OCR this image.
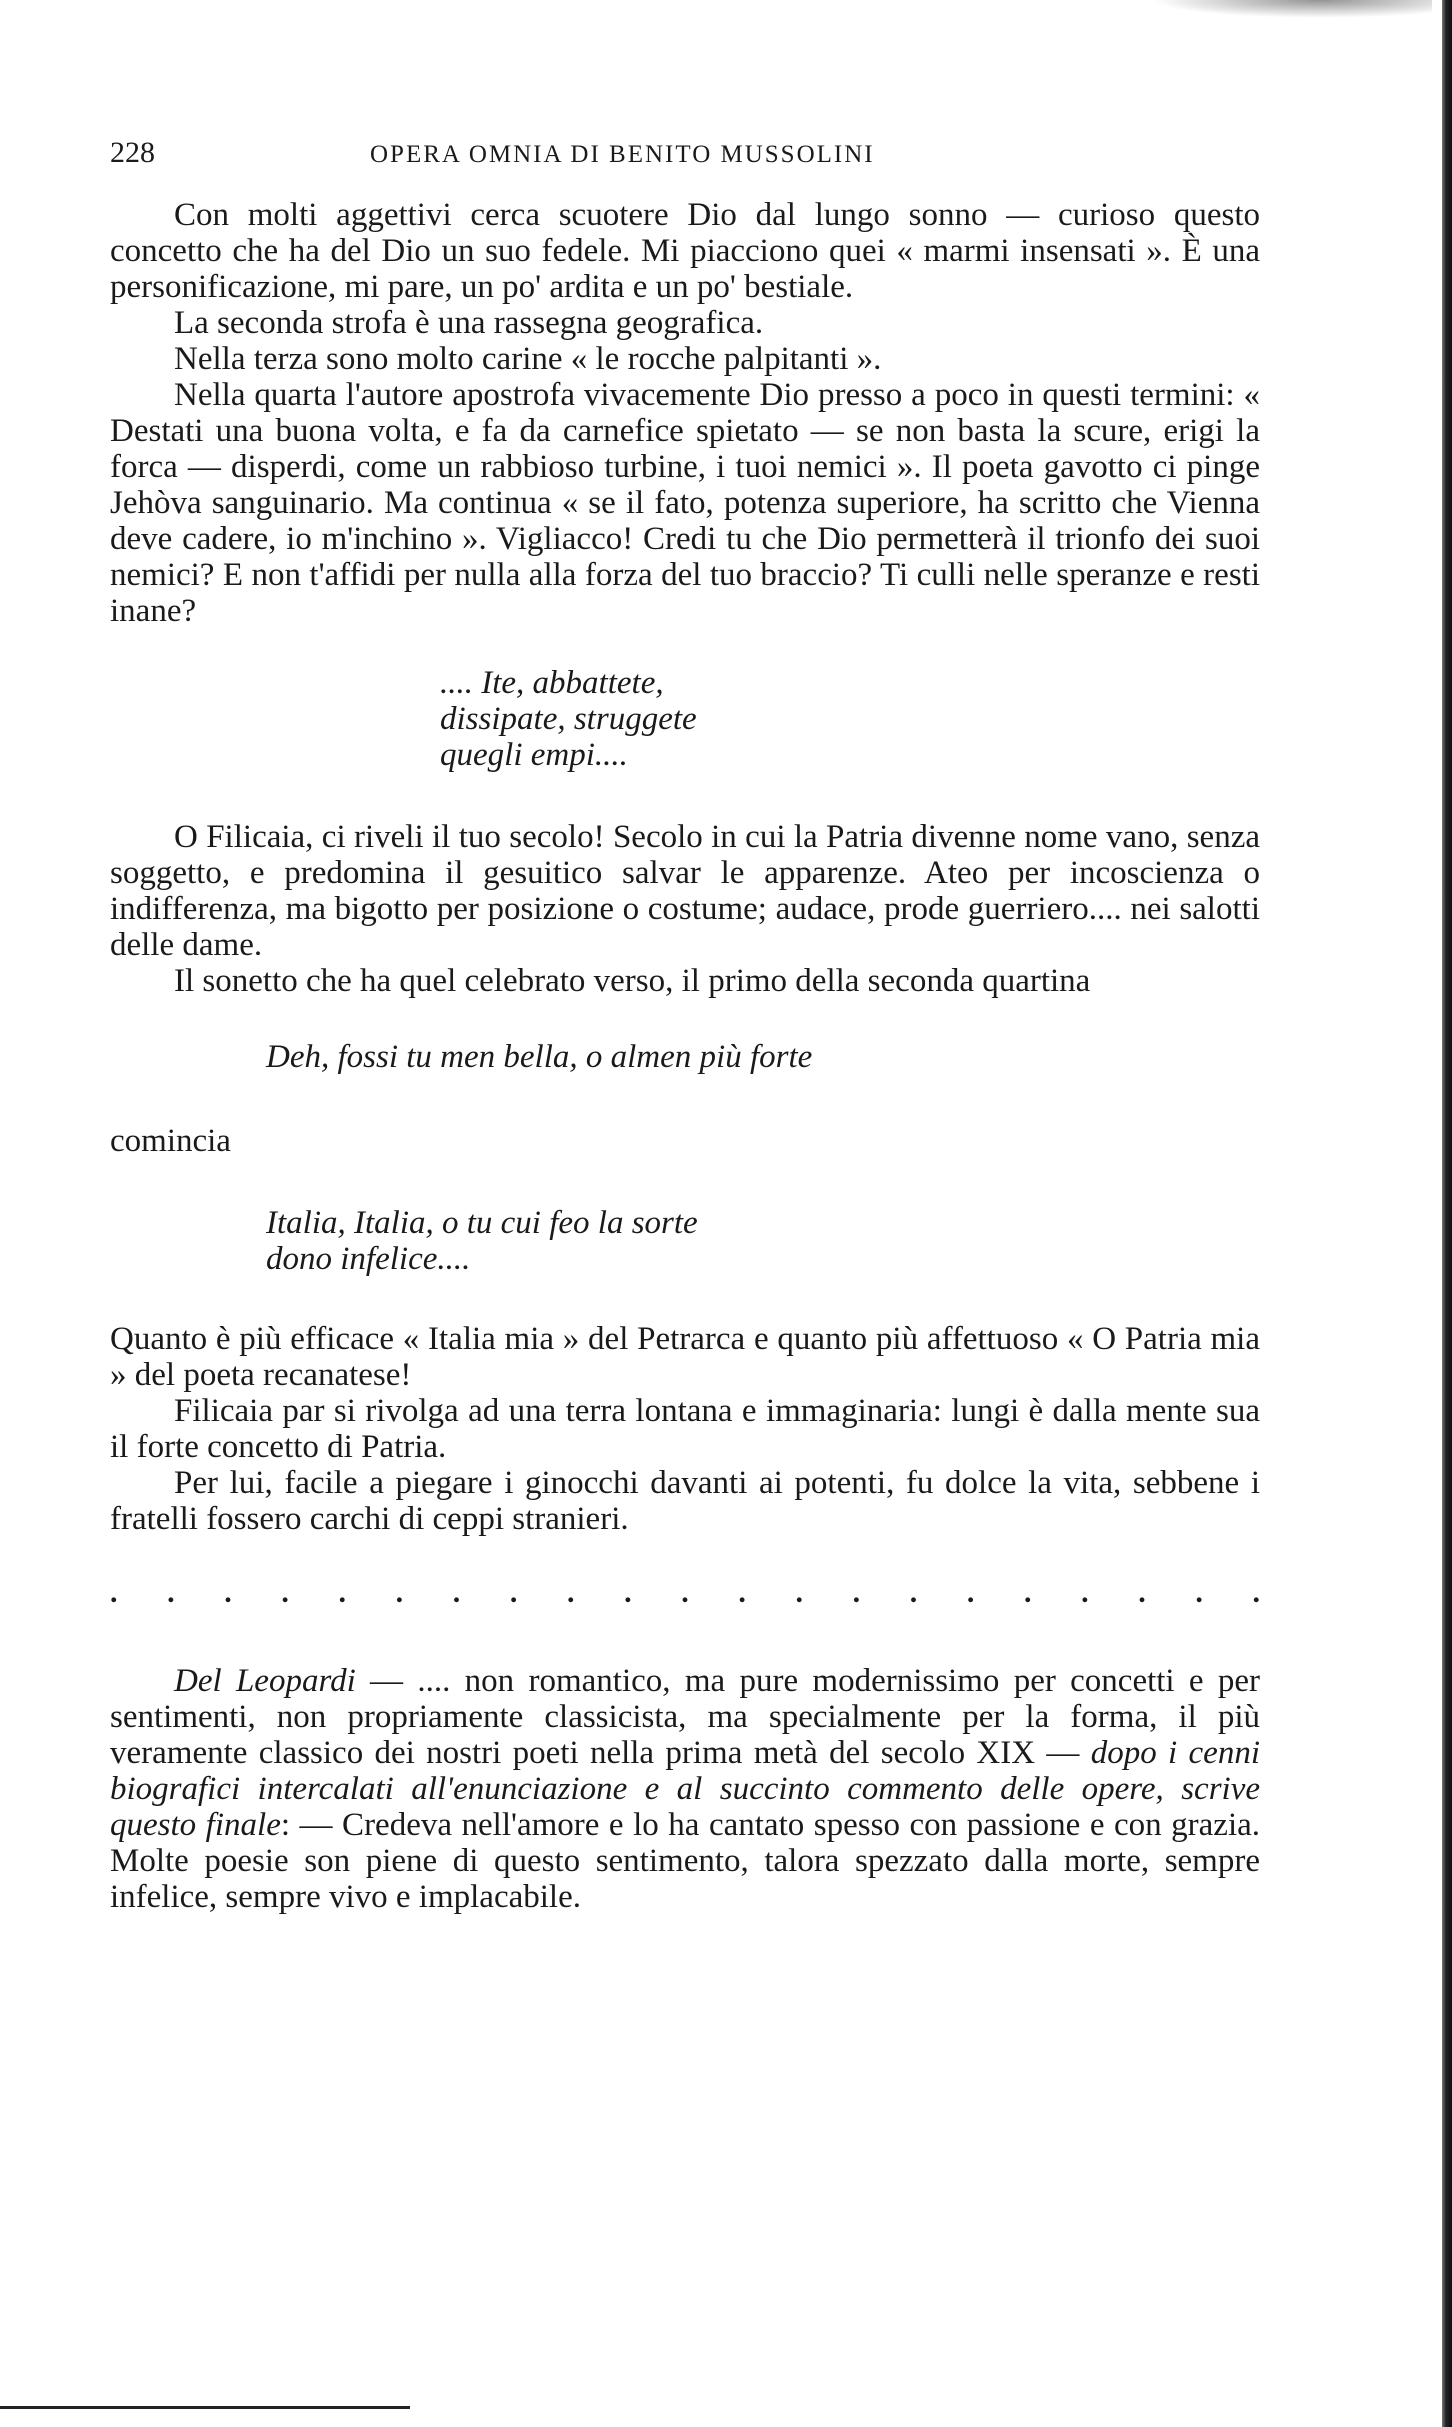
228	OPERA OMNIA DI BENITO MUSSOLINI

Con molti aggettivi cerca scuotere Dio dal lungo sonno — curioso questo concetto che ha del Dio un suo fedele. Mi piacciono quei « marmi insensati ». È una personificazione, mi pare, un po' ardita e un po' bestiale.

La seconda strofa è una rassegna geografica.

Nella terza sono molto carine « le rocche palpitanti ».

Nella quarta l'autore apostrofa vivacemente Dio presso a poco in questi termini: « Destati una buona volta, e fa da carnefice spietato — se non basta la scure, erigi la forca — disperdi, come un rabbioso turbine, i tuoi nemici ». Il poeta gavotto ci pinge Jehòva sanguinario. Ma continua « se il fato, potenza superiore, ha scritto che Vienna deve cadere, io m'inchino ». Vigliacco! Credi tu che Dio permetterà il trionfo dei suoi nemici? E non t'affidi per nulla alla forza del tuo braccio? Ti culli nelle speranze e resti inane?

.... Ite, abbattete,
dissipate, struggete
quegli empi....

O Filicaia, ci riveli il tuo secolo! Secolo in cui la Patria divenne nome vano, senza soggetto, e predomina il gesuitico salvar le apparenze. Ateo per incoscienza o indifferenza, ma bigotto per posizione o costume; audace, prode guerriero.... nei salotti delle dame.

Il sonetto che ha quel celebrato verso, il primo della seconda quartina

Deh, fossi tu men bella, o almen più forte

comincia

Italia, Italia, o tu cui feo la sorte
dono infelice....

Quanto è più efficace « Italia mia » del Petrarca e quanto più affettuoso « O Patria mia » del poeta recanatese!

Filicaia par si rivolga ad una terra lontana e immaginaria: lungi è dalla mente sua il forte concetto di Patria.

Per lui, facile a piegare i ginocchi davanti ai potenti, fu dolce la vita, sebbene i fratelli fossero carchi di ceppi stranieri.

. . . . . . . . . . . . . . . . . . . . .

Del Leopardi — .... non romantico, ma pure modernissimo per concetti e per sentimenti, non propriamente classicista, ma specialmente per la forma, il più veramente classico dei nostri poeti nella prima metà del secolo XIX — dopo i cenni biografici intercalati all'enunciazione e al succinto commento delle opere, scrive questo finale: — Credeva nell'amore e lo ha cantato spesso con passione e con grazia. Molte poesie son piene di questo sentimento, talora spezzato dalla morte, sempre infelice, sempre vivo e implacabile.
